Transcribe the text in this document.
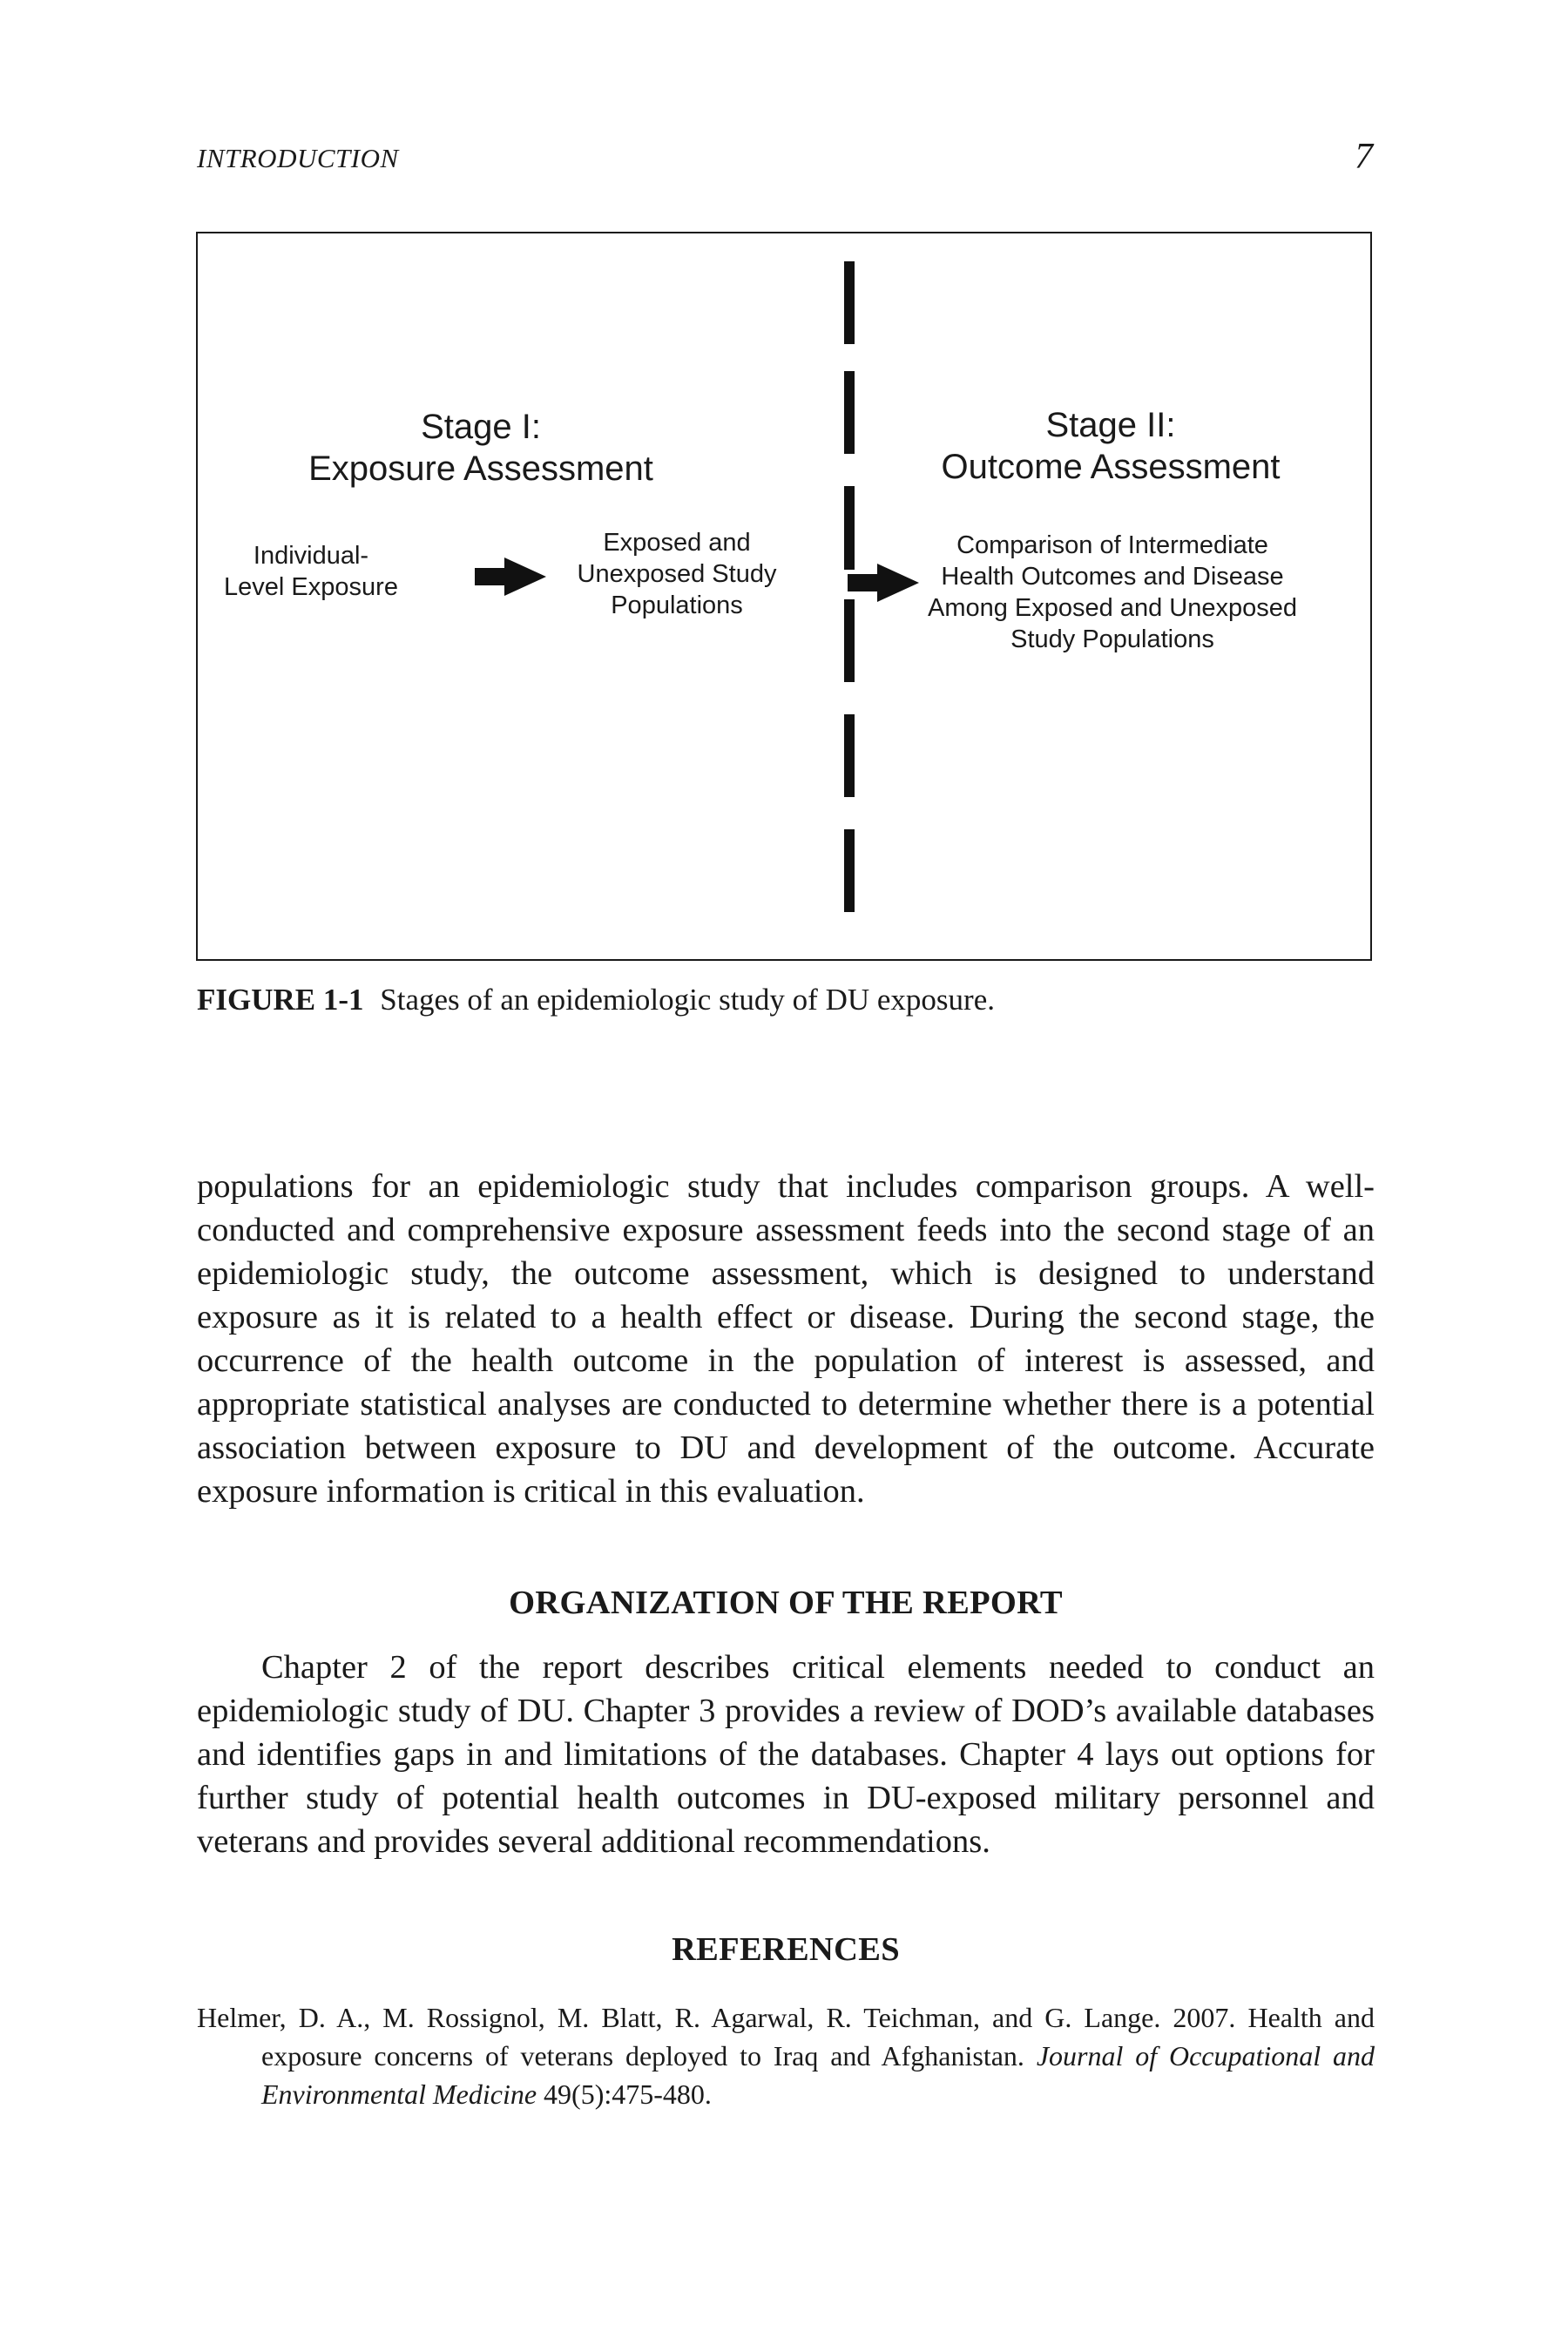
INTRODUCTION	7
Stage I:
Exposure Assessment
Individual-
Level Exposure
Exposed and
Unexposed Study
Populations
Stage II:
Outcome Assessment
Comparison of Intermediate
Health Outcomes and Disease
Among Exposed and Unexposed
Study Populations
FIGURE 1-1 Stages of an epidemiologic study of DU exposure.

populations for an epidemiologic study that includes comparison groups. A well-conducted and comprehensive exposure assessment feeds into the second stage of an epidemiologic study, the outcome assessment, which is designed to understand exposure as it is related to a health effect or disease. During the second stage, the occurrence of the health outcome in the population of interest is assessed, and appropriate statistical analyses are conducted to determine whether there is a potential association between exposure to DU and development of the outcome. Accurate exposure information is critical in this evaluation.

ORGANIZATION OF THE REPORT

Chapter 2 of the report describes critical elements needed to conduct an epidemiologic study of DU. Chapter 3 provides a review of DOD’s available databases and identifies gaps in and limitations of the databases. Chapter 4 lays out options for further study of potential health outcomes in DU-exposed military personnel and veterans and provides several additional recommendations.

REFERENCES
Helmer, D. A., M. Rossignol, M. Blatt, R. Agarwal, R. Teichman, and G. Lange. 2007. Health and exposure concerns of veterans deployed to Iraq and Afghanistan. Journal of Occupational and Environmental Medicine 49(5):475-480.
